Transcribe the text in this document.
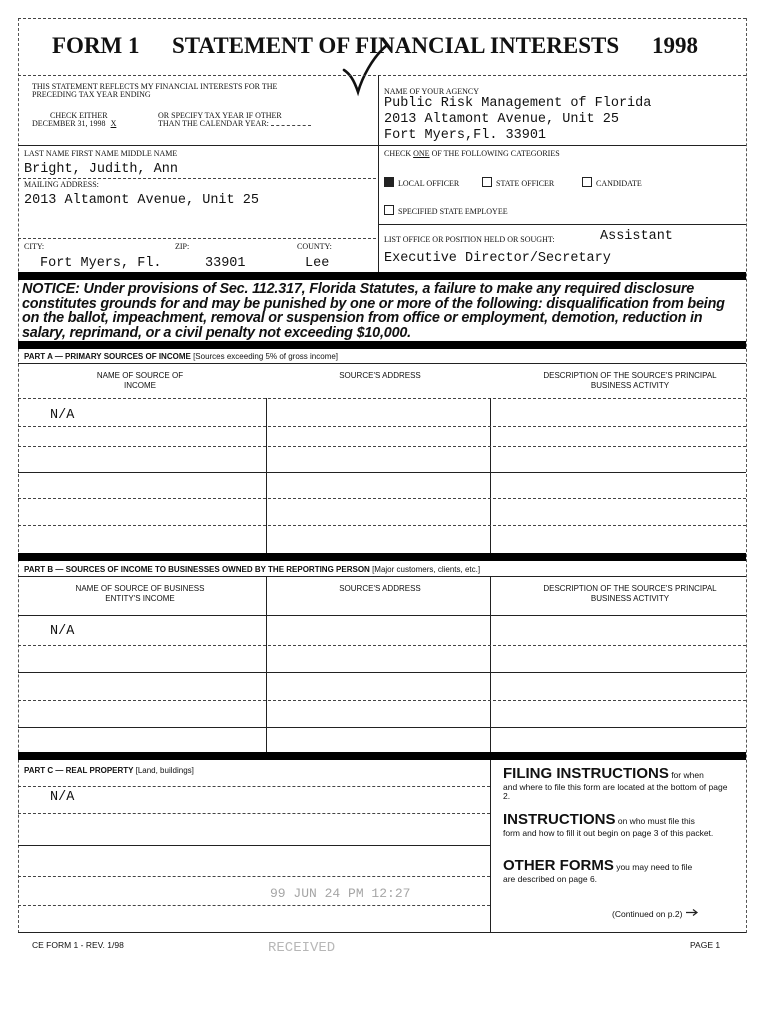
FORM 1 STATEMENT OF FINANCIAL INTERESTS 1998
THIS STATEMENT REFLECTS MY FINANCIAL INTERESTS FOR THE
PRECEDING TAX YEAR ENDING
CHECK EITHER
DECEMBER 31, 1998 X
OR SPECIFY TAX YEAR IF OTHER
THAN THE CALENDAR YEAR:
NAME OF YOUR AGENCY
Public Risk Management of Florida
2013 Altamont Avenue, Unit 25
Fort Myers,Fl. 33901
LAST NAME FIRST NAME MIDDLE NAME
Bright, Judith, Ann
MAILING ADDRESS:
2013 Altamont Avenue, Unit 25
CITY:	ZIP:	COUNTY:
Fort Myers, Fl.	33901	Lee
CHECK ONE OF THE FOLLOWING CATEGORIES
LOCAL OFFICER	STATE OFFICER	CANDIDATE
SPECIFIED STATE EMPLOYEE
LIST OFFICE OR POSITION HELD OR SOUGHT:	Assistant
Executive Director/Secretary
NOTICE: Under provisions of Sec. 112.317, Florida Statutes, a failure to make any required disclosure constitutes grounds for and may be punished by one or more of the following: disqualification from being on the ballot, impeachment, removal or suspension from office or employment, demotion, reduction in salary, reprimand, or a civil penalty not exceeding $10,000.
PART A — PRIMARY SOURCES OF INCOME [Sources exceeding 5% of gross income]
NAME OF SOURCE OF INCOME
SOURCE'S ADDRESS	DESCRIPTION OF THE SOURCE'S PRINCIPAL BUSINESS ACTIVITY
N/A
PART B — SOURCES OF INCOME TO BUSINESSES OWNED BY THE REPORTING PERSON [Major customers, clients, etc.]
NAME OF SOURCE OF BUSINESS ENTITY'S INCOME
SOURCE'S ADDRESS	DESCRIPTION OF THE SOURCE'S PRINCIPAL BUSINESS ACTIVITY
N/A
PART C — REAL PROPERTY [Land, buildings]
N/A
FILING INSTRUCTIONS for when
and where to file this form are located at the bottom of page 2.
INSTRUCTIONS on who must file this
form and how to fill it out begin on page 3 of this packet.
OTHER FORMS you may need to file
are described on page 6.
(Continued on p.2)
99 JUN 24 PM 12:27
RECEIVED
CE FORM 1 - REV. 1/98	PAGE 1
